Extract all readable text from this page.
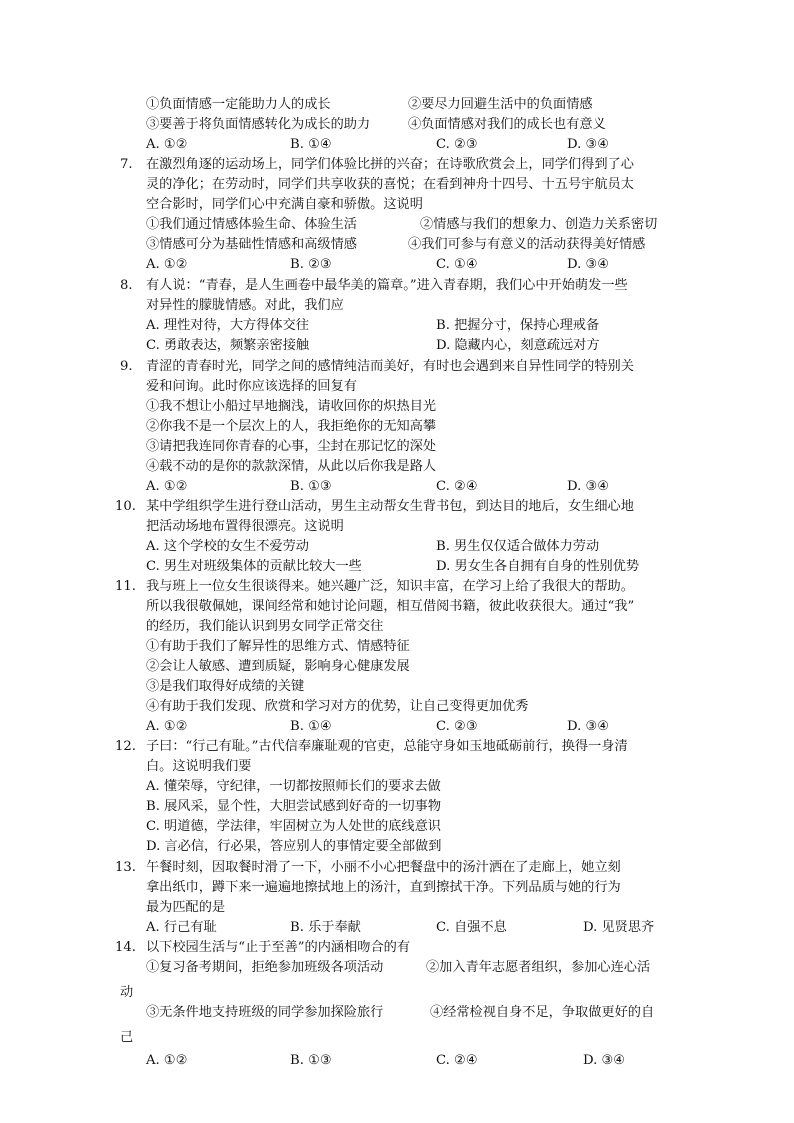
①负面情感一定能助力人的成长	②要尽力回避生活中的负面情感
③要善于将负面情感转化为成长的助力	④负面情感对我们的成长也有意义
A. ①②	B. ①④	C. ②③	D. ③④
7. 在激烈角逐的运动场上，同学们体验比拼的兴奋；在诗歌欣赏会上，同学们得到了心
灵的净化；在劳动时，同学们共享收获的喜悦；在看到神舟十四号、十五号宇航员太
空合影时，同学们心中充满自豪和骄傲。这说明
①我们通过情感体验生命、体验生活	②情感与我们的想象力、创造力关系密切
③情感可分为基础性情感和高级情感	④我们可参与有意义的活动获得美好情感
A. ①②	B. ②③	C. ①④	D. ③④
8. 有人说：“青春，是人生画卷中最华美的篇章。”进入青春期，我们心中开始萌发一些
对异性的朦胧情感。对此，我们应
A. 理性对待，大方得体交往	B. 把握分寸，保持心理戒备
C. 勇敢表达，频繁亲密接触	D. 隐藏内心，刻意疏远对方
9. 青涩的青春时光，同学之间的感情纯洁而美好，有时也会遇到来自异性同学的特别关
爱和问询。此时你应该选择的回复有
①我不想让小船过早地搁浅，请收回你的炽热目光
②你我不是一个层次上的人，我拒绝你的无知高攀
③请把我连同你青春的心事，尘封在那记忆的深处
④载不动的是你的款款深情，从此以后你我是路人
A. ①②	B. ①③	C. ②④	D. ③④
10. 某中学组织学生进行登山活动，男生主动帮女生背书包，到达目的地后，女生细心地
把活动场地布置得很漂亮。这说明
A. 这个学校的女生不爱劳动	B. 男生仅仅适合做体力劳动
C. 男生对班级集体的贡献比较大一些	D. 男女生各自拥有自身的性别优势
11. 我与班上一位女生很谈得来。她兴趣广泛，知识丰富，在学习上给了我很大的帮助。
所以我很敬佩她，课间经常和她讨论问题，相互借阅书籍，彼此收获很大。通过“我”
的经历，我们能认识到男女同学正常交往
①有助于我们了解异性的思维方式、情感特征
②会让人敏感、遭到质疑，影响身心健康发展
③是我们取得好成绩的关键
④有助于我们发现、欣赏和学习对方的优势，让自己变得更加优秀
A. ①②	B. ①④	C. ②③	D. ③④
12. 子曰：“行己有耻。”古代信奉廉耻观的官吏，总能守身如玉地砥砺前行，换得一身清
白。这说明我们要
A. 懂荣辱，守纪律，一切都按照师长们的要求去做
B. 展风采，显个性，大胆尝试感到好奇的一切事物
C. 明道德，学法律，牢固树立为人处世的底线意识
D. 言必信，行必果，答应别人的事情定要全部做到
13. 午餐时刻，因取餐时滑了一下，小丽不小心把餐盘中的汤汁洒在了走廊上，她立刻
拿出纸巾，蹲下来一遍遍地擦拭地上的汤汁，直到擦拭干净。下列品质与她的行为
最为匹配的是
A. 行己有耻	B. 乐于奉献	C. 自强不息	D. 见贤思齐
14. 以下校园生活与“止于至善”的内涵相吻合的有
①复习备考期间，拒绝参加班级各项活动	②加入青年志愿者组织，参加心连心活
动
③无条件地支持班级的同学参加探险旅行	④经常检视自身不足，争取做更好的自
己
A. ①②	B. ①③	C. ②④	D. ③④
